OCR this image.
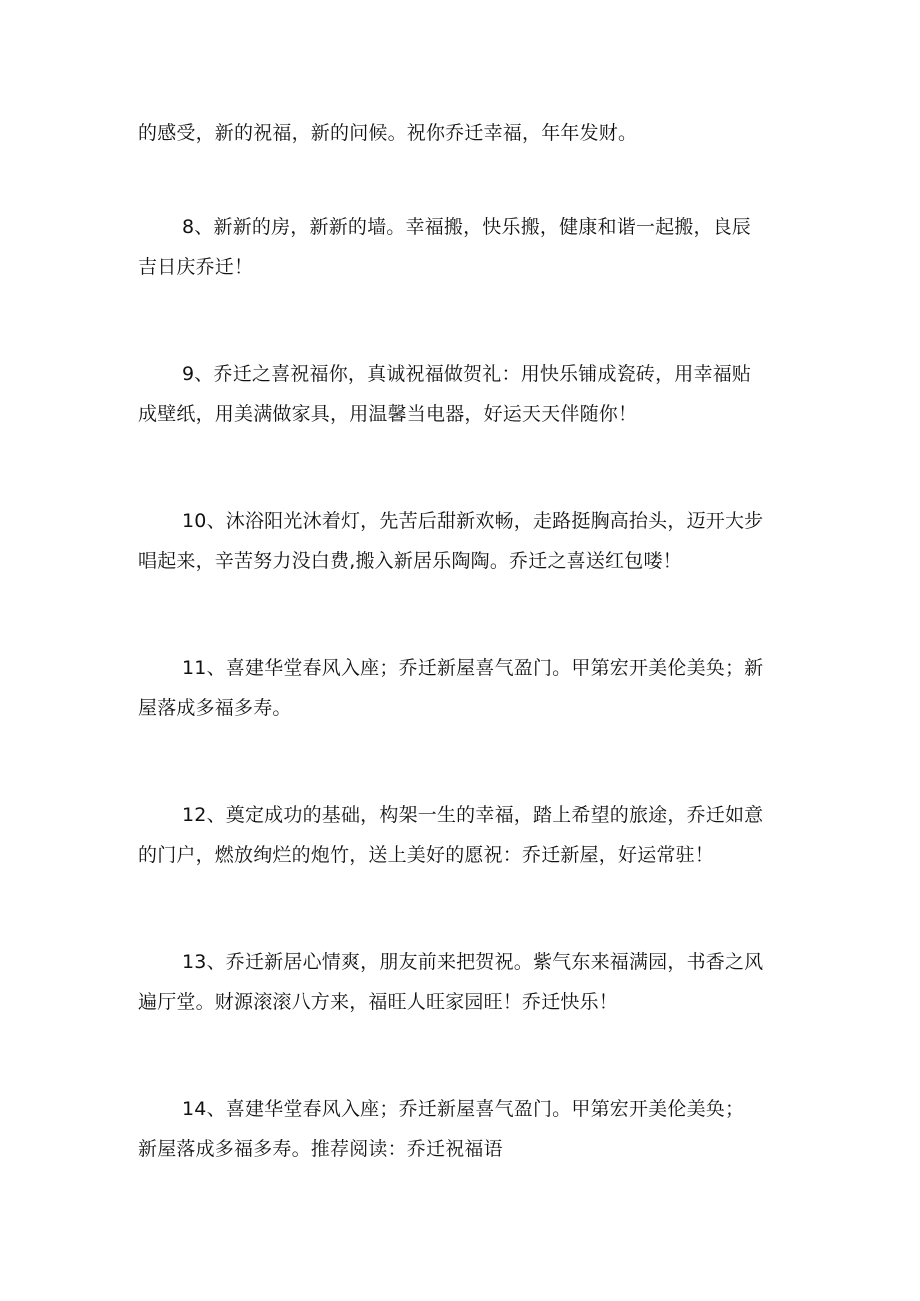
的感受，新的祝福，新的问候。祝你乔迁幸福，年年发财。

8、新新的房，新新的墙。幸福搬，快乐搬，健康和谐一起搬，良辰
吉日庆乔迁！

9、乔迁之喜祝福你，真诚祝福做贺礼：用快乐铺成瓷砖，用幸福贴
成壁纸，用美满做家具，用温馨当电器，好运天天伴随你！

10、沐浴阳光沐着灯，先苦后甜新欢畅，走路挺胸高抬头，迈开大步
唱起来，辛苦努力没白费,搬入新居乐陶陶。乔迁之喜送红包喽！

11、喜建华堂春风入座；乔迁新屋喜气盈门。甲第宏开美伦美奂；新
屋落成多福多寿。

12、奠定成功的基础，构架一生的幸福，踏上希望的旅途，乔迁如意
的门户，燃放绚烂的炮竹，送上美好的愿祝：乔迁新屋，好运常驻！

13、乔迁新居心情爽，朋友前来把贺祝。紫气东来福满园，书香之风
遍厅堂。财源滚滚八方来，福旺人旺家园旺！乔迁快乐！

14、喜建华堂春风入座；乔迁新屋喜气盈门。甲第宏开美伦美奂；
新屋落成多福多寿。推荐阅读：乔迁祝福语
